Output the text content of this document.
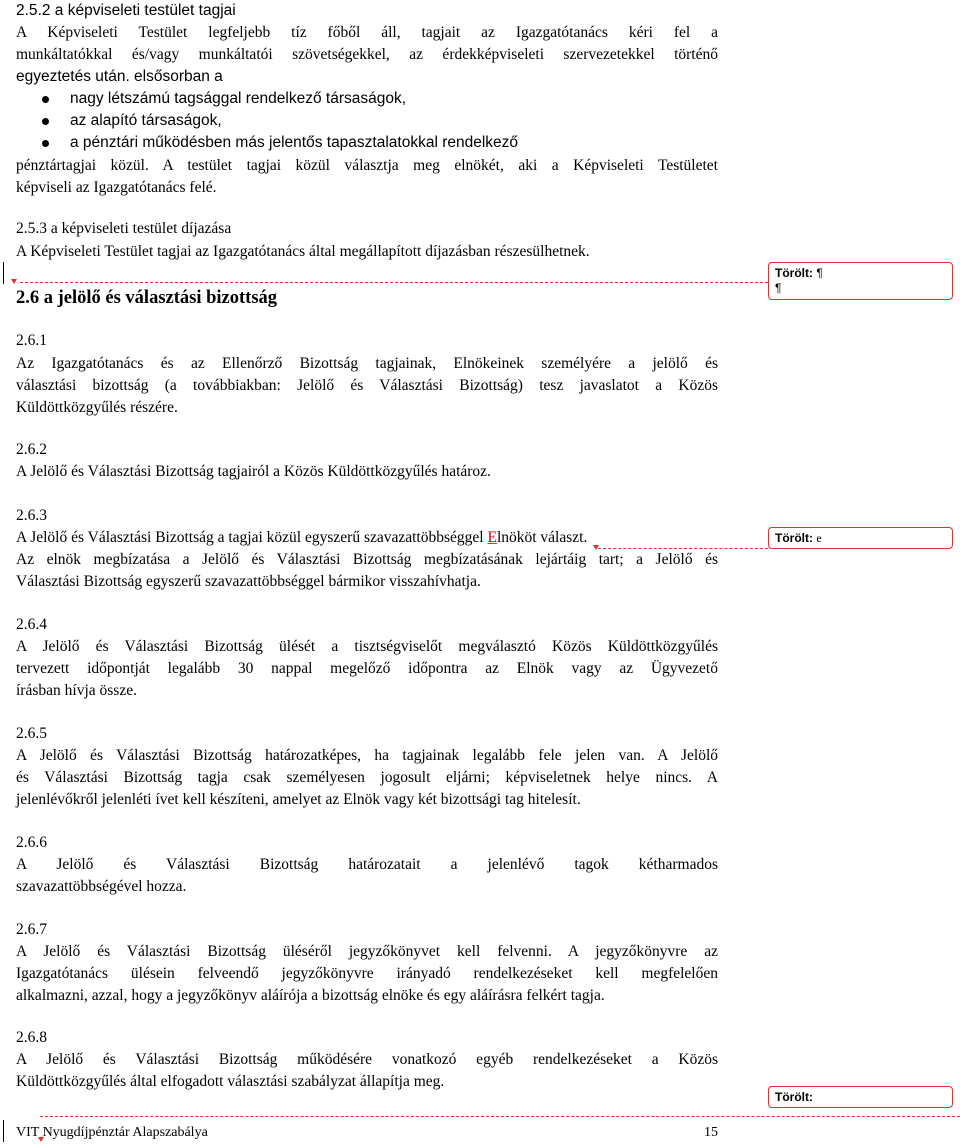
2.5.2 a képviseleti testület tagjai
A Képviseleti Testület legfeljebb tíz főből áll, tagjait az Igazgatótanács kéri fel a
munkáltatókkal és/vagy munkáltatói szövetségekkel, az érdekképviseleti szervezetekkel történő
egyeztetés után. elsősorban a
nagy létszámú tagsággal rendelkező társaságok,
az alapító társaságok,
a pénztári működésben más jelentős tapasztalatokkal rendelkező
pénztártagjai közül. A testület tagjai közül választja meg elnökét, aki a Képviseleti Testületet
képviseli az Igazgatótanács felé.
2.5.3 a képviseleti testület díjazása
A Képviseleti Testület tagjai az Igazgatótanács által megállapított díjazásban részesülhetnek.
2.6 a jelölő és választási bizottság
Törölt: ¶
¶
2.6.1
Az Igazgatótanács és az Ellenőrző Bizottság tagjainak, Elnökeinek személyére a jelölő és
választási bizottság (a továbbiakban: Jelölő és Választási Bizottság) tesz javaslatot a Közös
Küldöttközgyűlés részére.
2.6.2
A Jelölő és Választási Bizottság tagjairól a Közös Küldöttközgyűlés határoz.
2.6.3
A Jelölő és Választási Bizottság a tagjai közül egyszerű szavazattöbbséggel Elnököt választ.	Törölt: e
Az elnök megbízatása a Jelölő és Választási Bizottság megbízatásának lejártáig tart; a Jelölő és
Választási Bizottság egyszerű szavazattöbbséggel bármikor visszahívhatja.
2.6.4
A Jelölő és Választási Bizottság ülését a tisztségviselőt megválasztó Közös Küldöttközgyűlés
tervezett időpontját legalább 30 nappal megelőző időpontra az Elnök vagy az Ügyvezető
írásban hívja össze.
2.6.5
A Jelölő és Választási Bizottság határozatképes, ha tagjainak legalább fele jelen van. A Jelölő
és Választási Bizottság tagja csak személyesen jogosult eljárni; képviseletnek helye nincs. A
jelenlévőkről jelenléti ívet kell készíteni, amelyet az Elnök vagy két bizottsági tag hitelesít.
2.6.6
A Jelölő és Választási Bizottság határozatait a jelenlévő tagok kétharmados
szavazattöbbségével hozza.
2.6.7
A Jelölő és Választási Bizottság üléséről jegyzőkönyvet kell felvenni. A jegyzőkönyvre az
Igazgatótanács ülésein felveendő jegyzőkönyvre irányadó rendelkezéseket kell megfelelően
alkalmazni, azzal, hogy a jegyzőkönyv aláírója a bizottság elnöke és egy aláírásra felkért tagja.
2.6.8
A Jelölő és Választási Bizottság működésére vonatkozó egyéb rendelkezéseket a Közös
Küldöttközgyűlés által elfogadott választási szabályzat állapítja meg.
Törölt:
VIT Nyugdíjpénztár Alapszabálya	15
